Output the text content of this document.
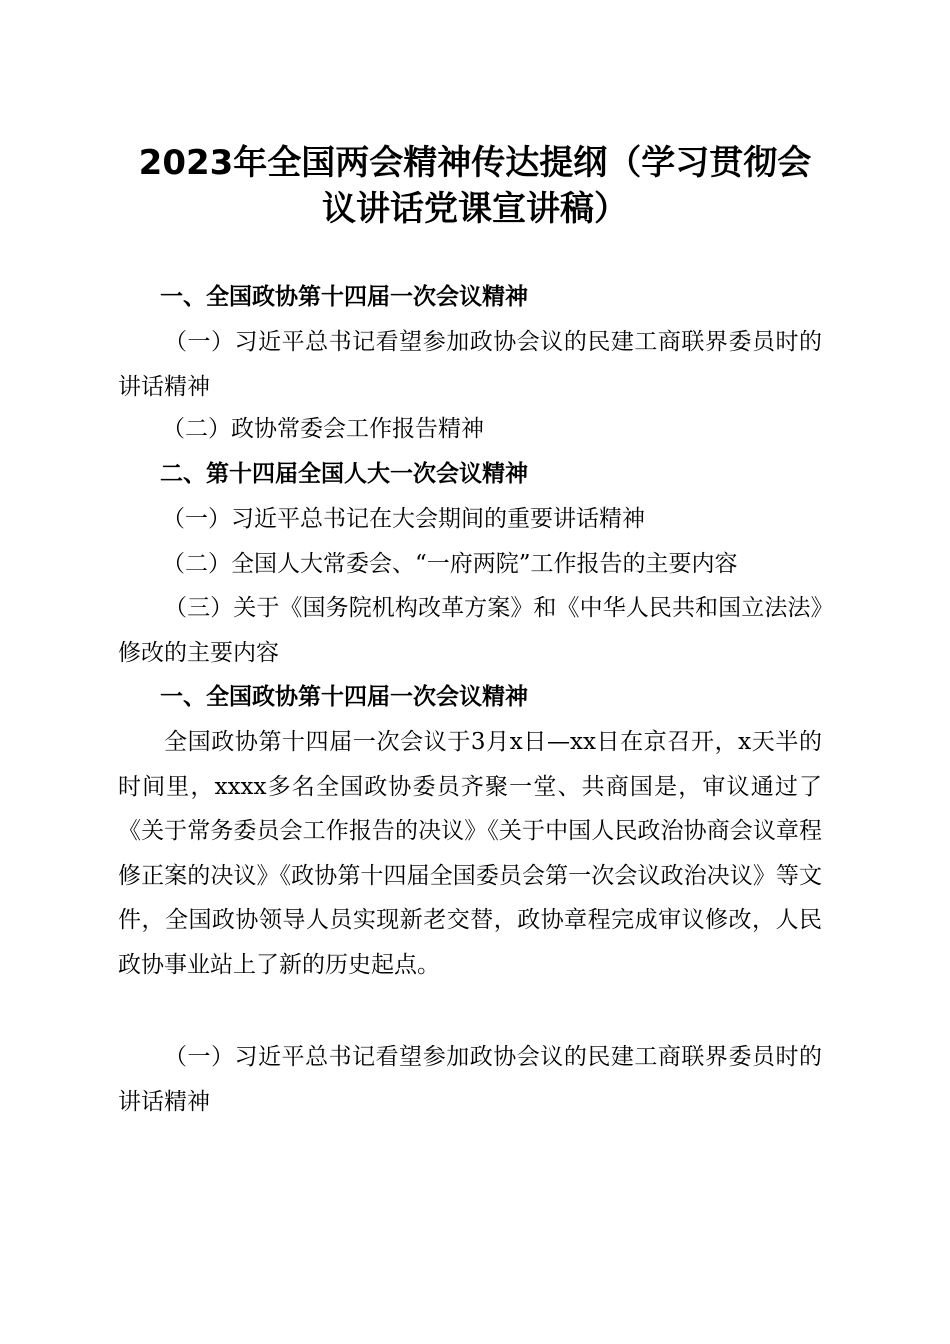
2023年全国两会精神传达提纲（学习贯彻会
议讲话党课宣讲稿）

一、全国政协第十四届一次会议精神

（一）习近平总书记看望参加政协会议的民建工商联界委员时的讲话精神

（二）政协常委会工作报告精神

二、第十四届全国人大一次会议精神

（一）习近平总书记在大会期间的重要讲话精神

（二）全国人大常委会、“一府两院”工作报告的主要内容

（三）关于《国务院机构改革方案》和《中华人民共和国立法法》修改的主要内容

一、全国政协第十四届一次会议精神

全国政协第十四届一次会议于3月x日—xx日在京召开，x天半的时间里，xxxx多名全国政协委员齐聚一堂、共商国是，审议通过了《关于常务委员会工作报告的决议》《关于中国人民政治协商会议章程修正案的决议》《政协第十四届全国委员会第一次会议政治决议》等文件，全国政协领导人员实现新老交替，政协章程完成审议修改，人民政协事业站上了新的历史起点。

（一）习近平总书记看望参加政协会议的民建工商联界委员时的讲话精神
